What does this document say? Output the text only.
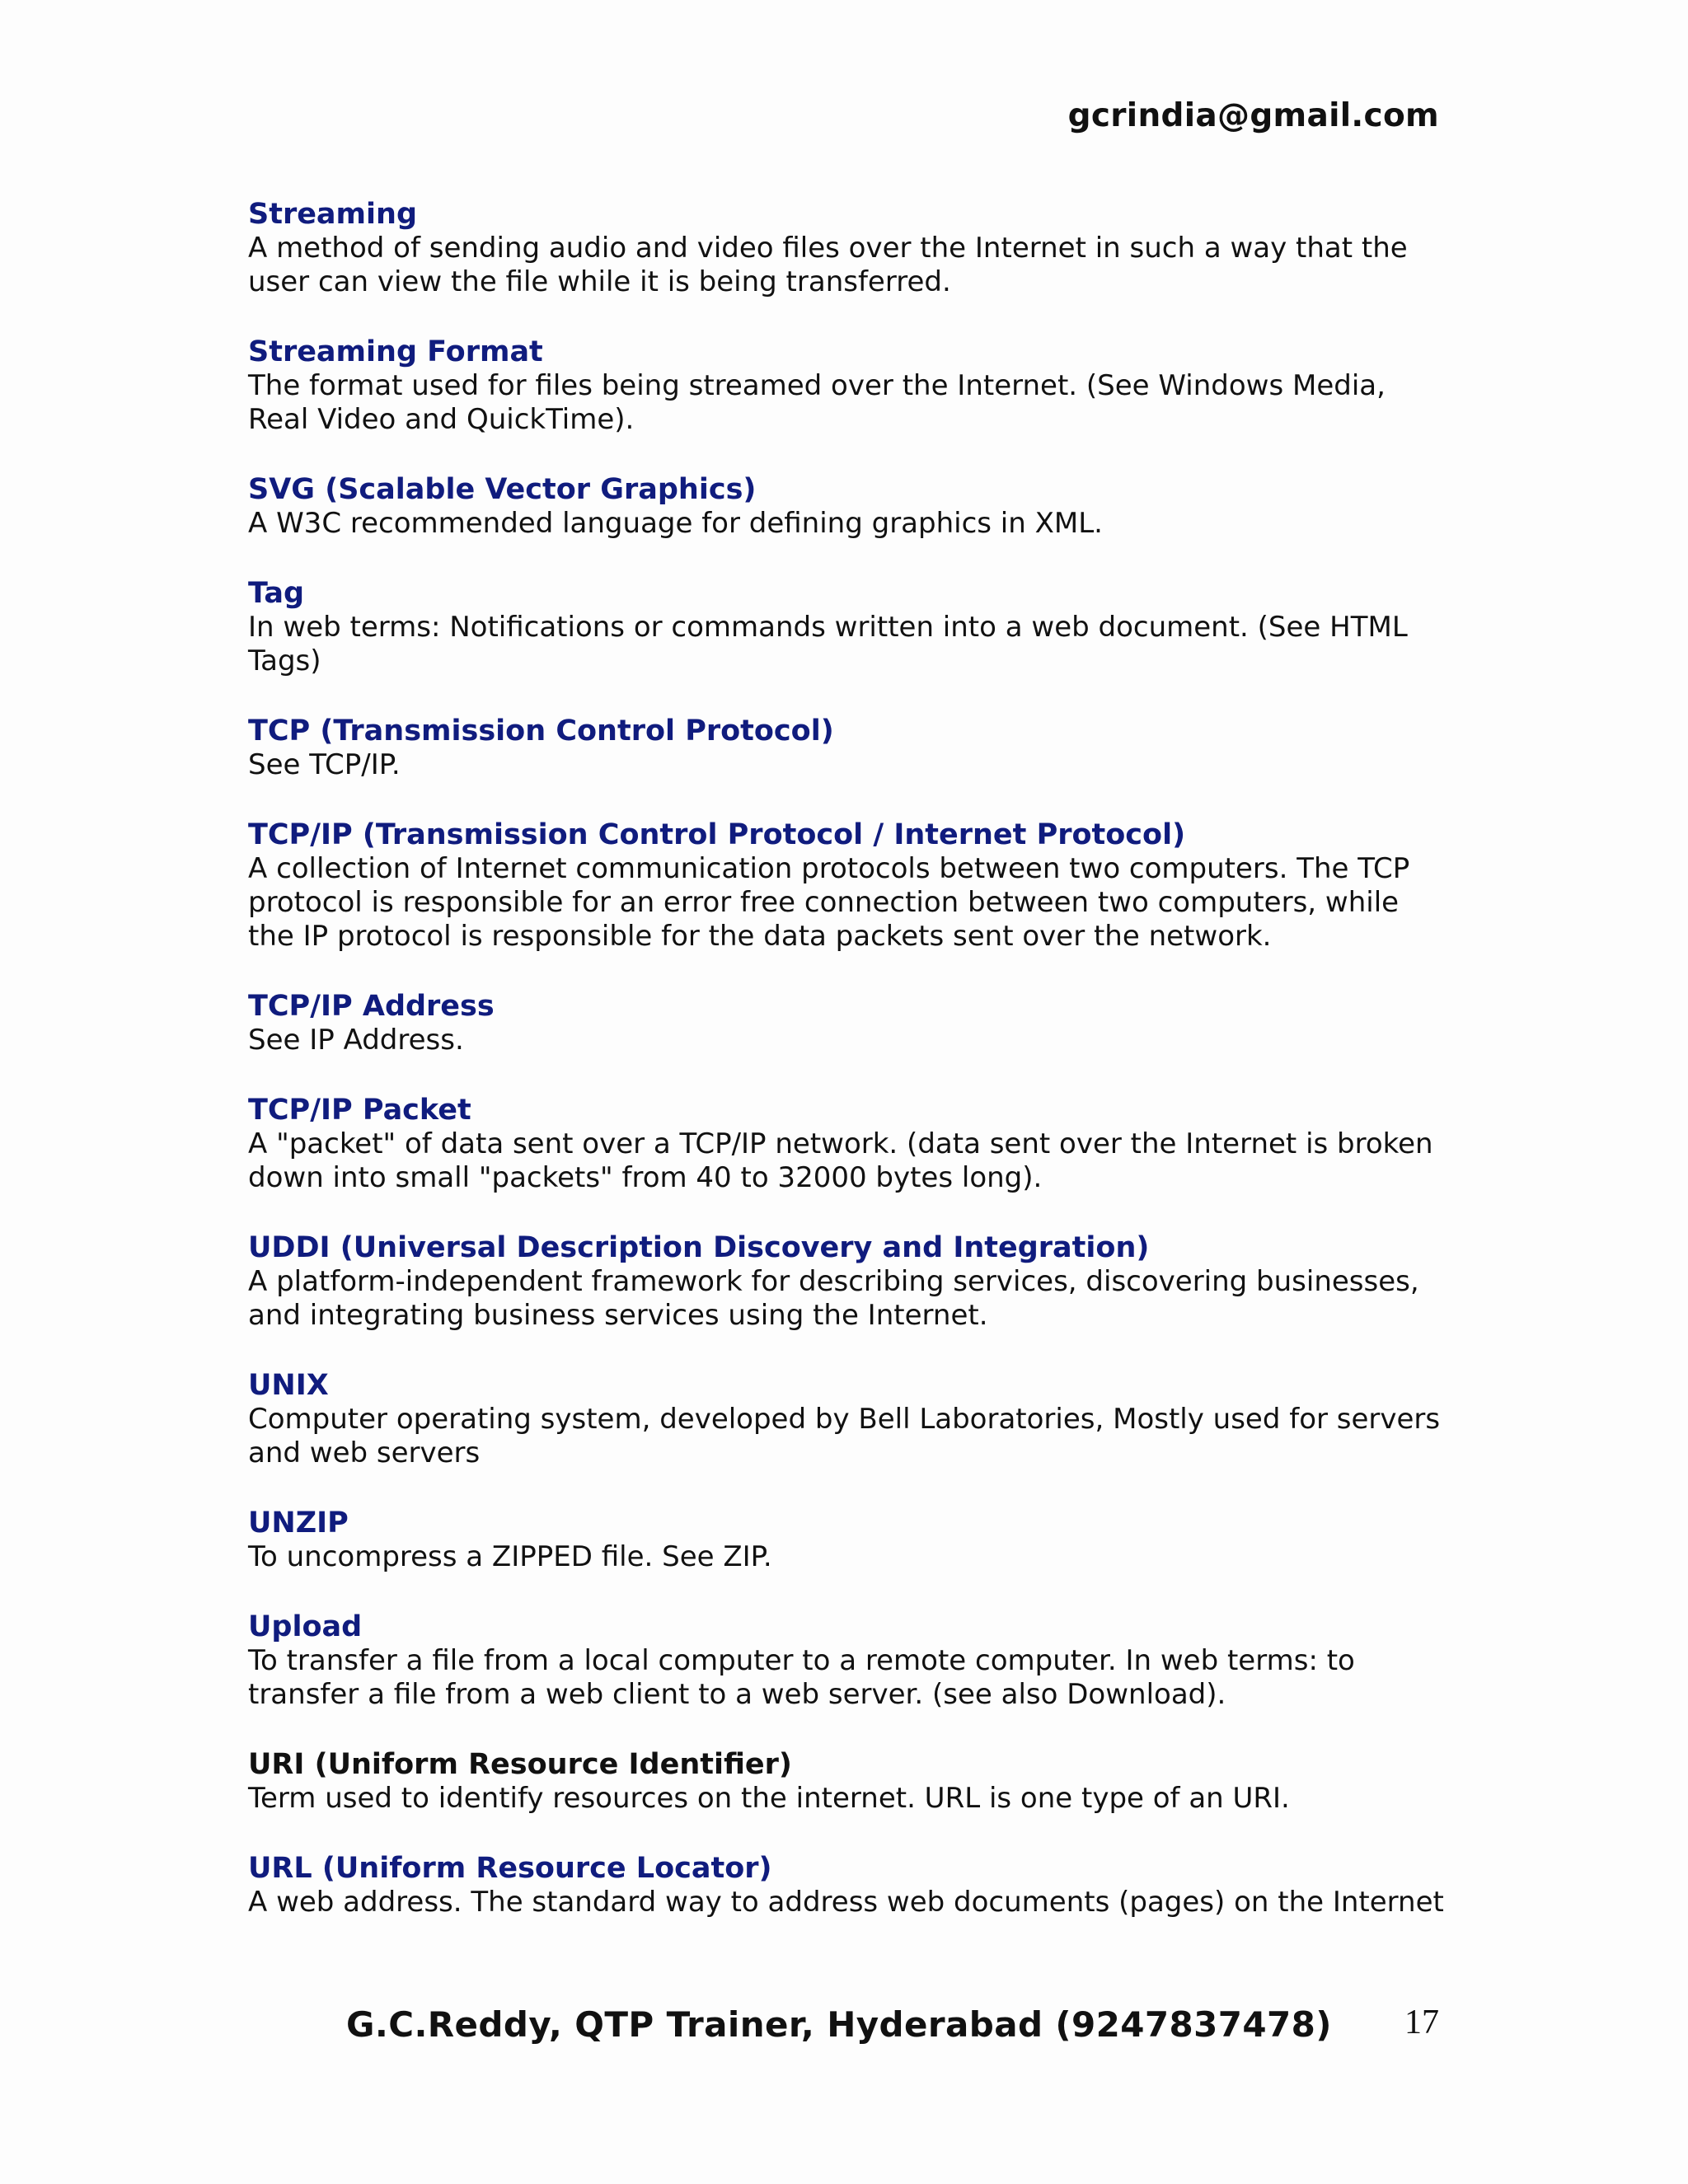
gcrindia@gmail.com

Streaming

A method of sending audio and video files over the Internet in such a way that the user can view the file while it is being transferred.

Streaming Format

The format used for files being streamed over the Internet. (See Windows Media, Real Video and QuickTime).

SVG (Scalable Vector Graphics)

A W3C recommended language for defining graphics in XML.

Tag

In web terms: Notifications or commands written into a web document. (See HTML Tags)

TCP (Transmission Control Protocol)

See TCP/IP.

TCP/IP (Transmission Control Protocol / Internet Protocol)

A collection of Internet communication protocols between two computers. The TCP protocol is responsible for an error free connection between two computers, while the IP protocol is responsible for the data packets sent over the network.

TCP/IP Address

See IP Address.

TCP/IP Packet

A "packet" of data sent over a TCP/IP network. (data sent over the Internet is broken down into small "packets" from 40 to 32000 bytes long).

UDDI (Universal Description Discovery and Integration)

A platform-independent framework for describing services, discovering businesses, and integrating business services using the Internet.

UNIX

Computer operating system, developed by Bell Laboratories, Mostly used for servers and web servers

UNZIP

To uncompress a ZIPPED file. See ZIP.

Upload

To transfer a file from a local computer to a remote computer. In web terms: to transfer a file from a web client to a web server. (see also Download).

URI (Uniform Resource Identifier)

Term used to identify resources on the internet. URL is one type of an URI.

URL (Uniform Resource Locator)

A web address. The standard way to address web documents (pages) on the Internet

G.C.Reddy, QTP Trainer, Hyderabad (9247837478) 17
